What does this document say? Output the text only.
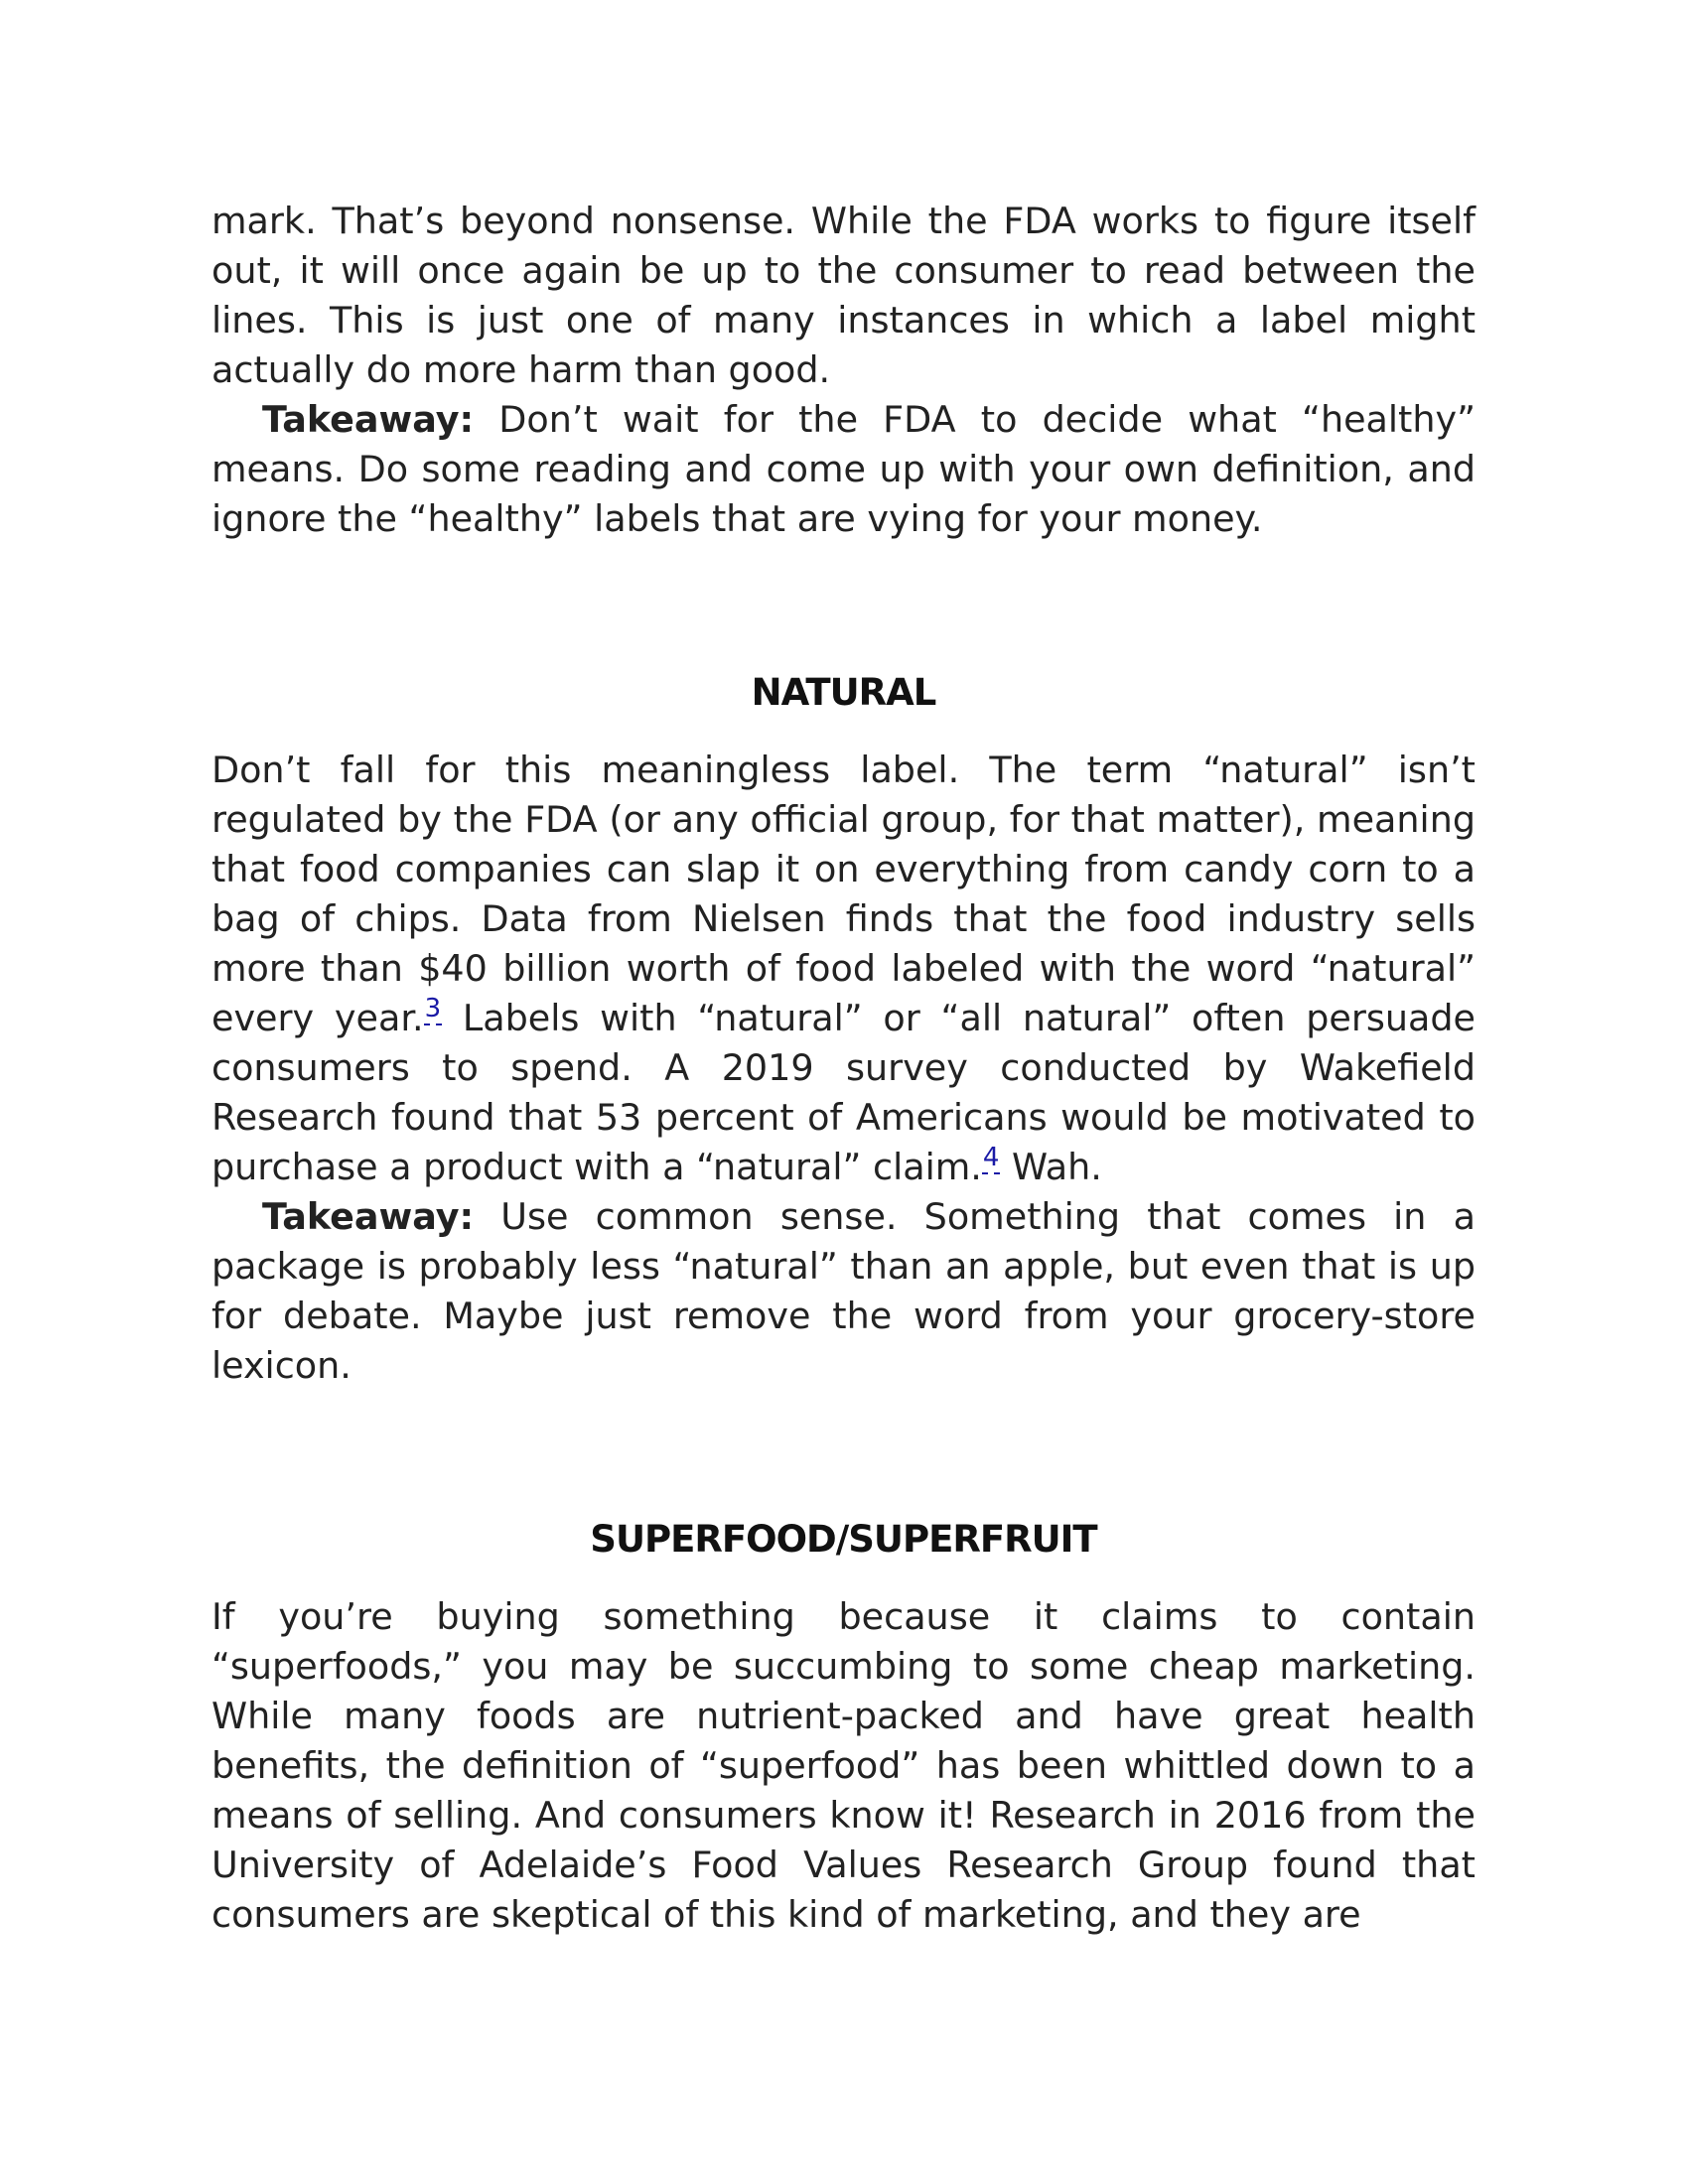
mark. That’s beyond nonsense. While the FDA works to figure itself out, it will once again be up to the consumer to read between the lines. This is just one of many instances in which a label might actually do more harm than good.

Takeaway: Don’t wait for the FDA to decide what “healthy” means. Do some reading and come up with your own definition, and ignore the “healthy” labels that are vying for your money.

NATURAL

Don’t fall for this meaningless label. The term “natural” isn’t regulated by the FDA (or any official group, for that matter), meaning that food companies can slap it on everything from candy corn to a bag of chips. Data from Nielsen finds that the food industry sells more than $40 billion worth of food labeled with the word “natural” every year.$^3$ Labels with “natural” or “all natural” often persuade consumers to spend. A 2019 survey conducted by Wakefield Research found that 53 percent of Americans would be motivated to purchase a product with a “natural” claim.$^4$ Wah.

Takeaway: Use common sense. Something that comes in a package is probably less “natural” than an apple, but even that is up for debate. Maybe just remove the word from your grocery-store lexicon.

SUPERFOOD/SUPERFRUIT

If you’re buying something because it claims to contain “superfoods,” you may be succumbing to some cheap marketing. While many foods are nutrient-packed and have great health benefits, the definition of “superfood” has been whittled down to a means of selling. And consumers know it! Research in 2016 from the University of Adelaide’s Food Values Research Group found that consumers are skeptical of this kind of marketing, and they are
